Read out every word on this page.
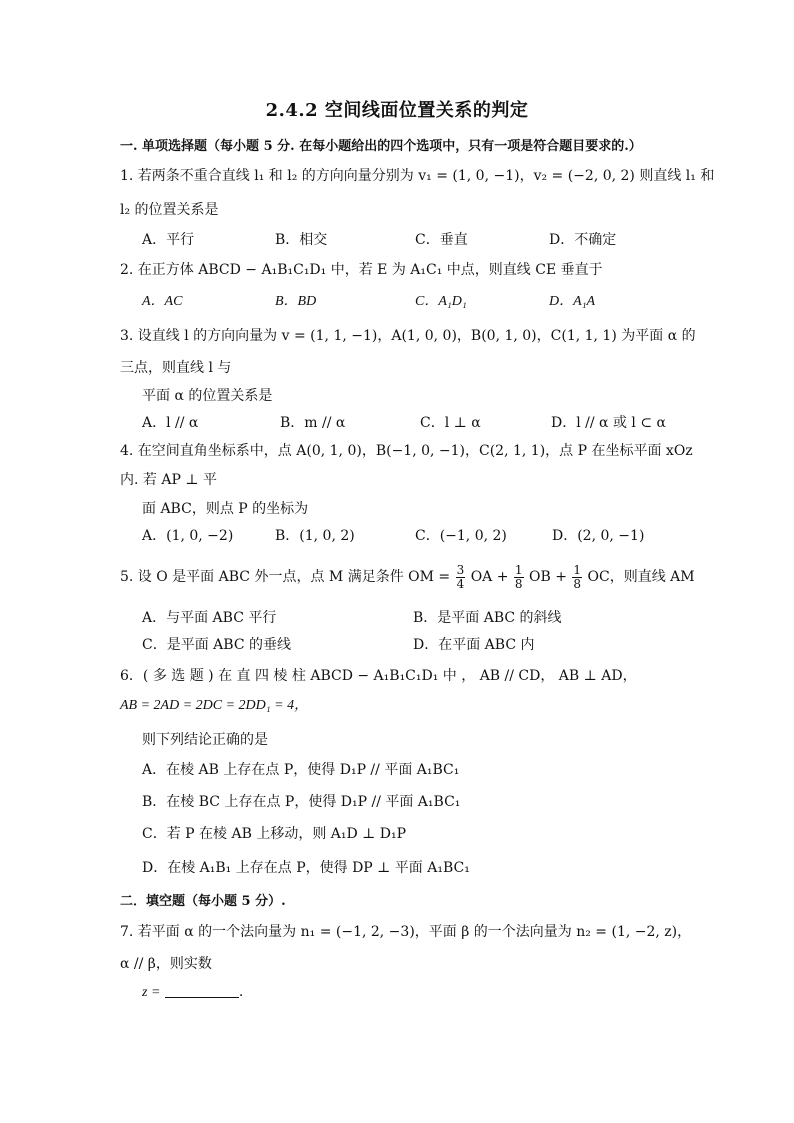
2.4.2 空间线面位置关系的判定
一. 单项选择题（每小题 5 分. 在每小题给出的四个选项中，只有一项是符合题目要求的.）
1. 若两条不重合直线 l₁ 和 l₂ 的方向向量分别为 v₁ = (1, 0, −1)，v₂ = (−2, 0, 2) 则直线 l₁ 和
l₂ 的位置关系是
A．平行	B．相交	C．垂直	D．不确定
2. 在正方体 ABCD − A₁B₁C₁D₁ 中，若 E 为 A₁C₁ 中点，则直线 CE 垂直于
A．AC	B．BD	C．A₁D₁	D．A₁A
3. 设直线 l 的方向向量为 v = (1, 1, −1)，A(1, 0, 0)，B(0, 1, 0)，C(1, 1, 1) 为平面 α 的
三点，则直线 l 与
平面 α 的位置关系是
A．l // α	B．m // α	C．l ⊥ α	D．l // α 或 l ⊂ α
4. 在空间直角坐标系中，点 A(0, 1, 0)，B(−1, 0, −1)，C(2, 1, 1)，点 P 在坐标平面 xOz
内. 若 AP ⊥ 平
面 ABC，则点 P 的坐标为
A．(1, 0, −2)	B．(1, 0, 2)	C．(−1, 0, 2)	D．(2, 0, −1)
5. 设 O 是平面 ABC 外一点，点 M 满足条件 OM = $\frac{3}{4}$ OA + $\frac{1}{8}$ OB + $\frac{1}{8}$ OC，则直线 AM
A．与平面 ABC 平行	B．是平面 ABC 的斜线
C．是平面 ABC 的垂线	D．在平面 ABC 内
6．( 多 选 题 ) 在 直 四 棱 柱 ABCD − A₁B₁C₁D₁ 中 ， AB // CD， AB ⊥ AD，
AB = 2AD = 2DC = 2DD₁ = 4，
则下列结论正确的是
A．在棱 AB 上存在点 P，使得 D₁P // 平面 A₁BC₁
B．在棱 BC 上存在点 P，使得 D₁P // 平面 A₁BC₁
C．若 P 在棱 AB 上移动，则 A₁D ⊥ D₁P
D．在棱 A₁B₁ 上存在点 P，使得 DP ⊥ 平面 A₁BC₁
二．填空题（每小题 5 分）.
7. 若平面 α 的一个法向量为 n₁ = (−1, 2, −3)，平面 β 的一个法向量为 n₂ = (1, −2, z)，
α // β，则实数
z =	.
